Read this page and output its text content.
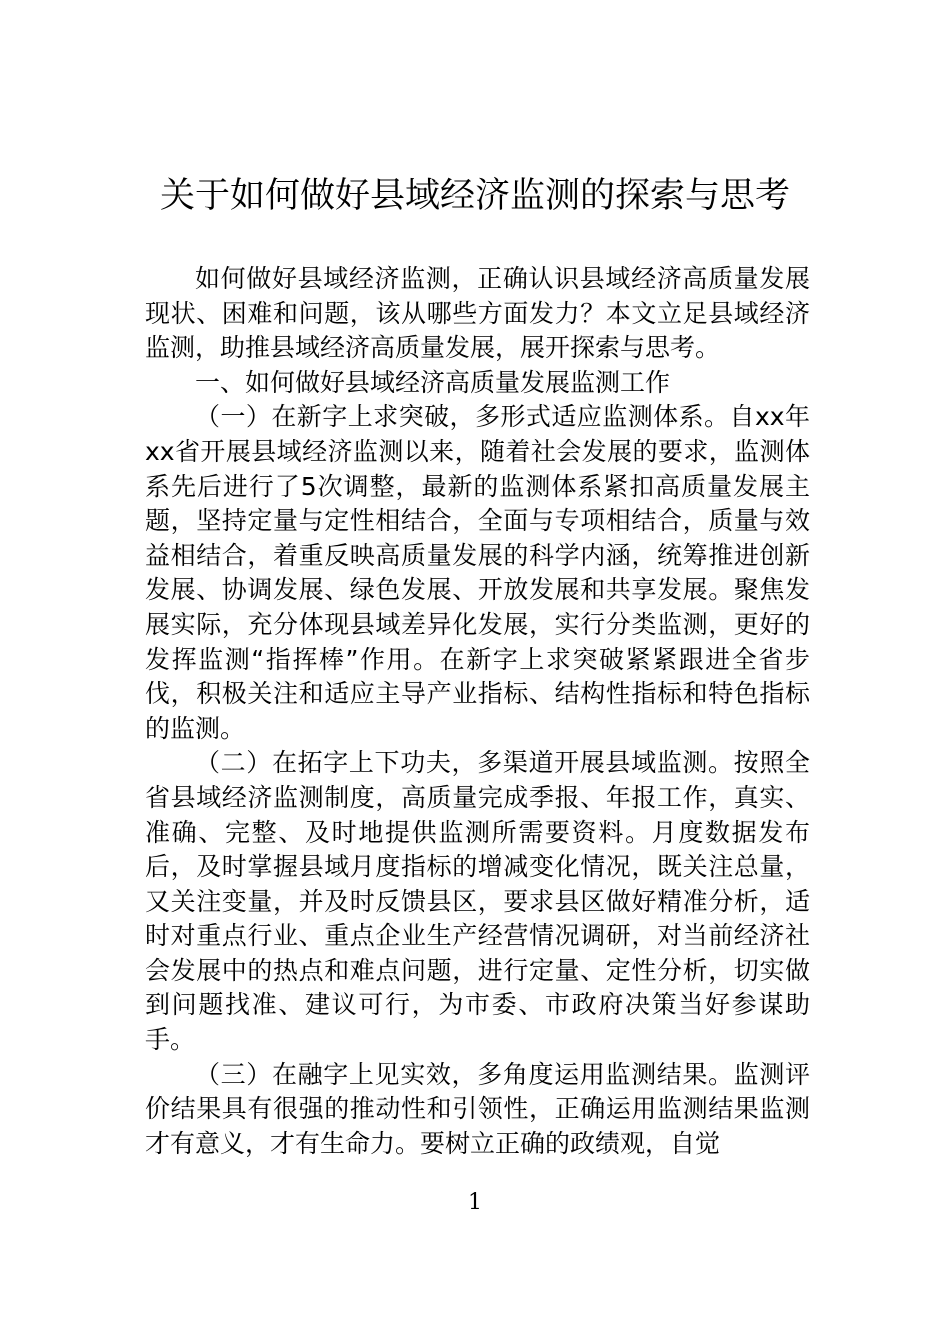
关于如何做好县域经济监测的探索与思考

如何做好县域经济监测，正确认识县域经济高质量发展现状、困难和问题，该从哪些方面发力？本文立足县域经济监测，助推县域经济高质量发展，展开探索与思考。

一、如何做好县域经济高质量发展监测工作

（一）在新字上求突破，多形式适应监测体系。自xx年xx省开展县域经济监测以来，随着社会发展的要求，监测体系先后进行了5次调整，最新的监测体系紧扣高质量发展主题，坚持定量与定性相结合，全面与专项相结合，质量与效益相结合，着重反映高质量发展的科学内涵，统筹推进创新发展、协调发展、绿色发展、开放发展和共享发展。聚焦发展实际，充分体现县域差异化发展，实行分类监测，更好的发挥监测“指挥棒”作用。在新字上求突破紧紧跟进全省步伐，积极关注和适应主导产业指标、结构性指标和特色指标的监测。

（二）在拓字上下功夫，多渠道开展县域监测。按照全省县域经济监测制度，高质量完成季报、年报工作，真实、准确、完整、及时地提供监测所需要资料。月度数据发布后，及时掌握县域月度指标的增减变化情况，既关注总量，又关注变量，并及时反馈县区，要求县区做好精准分析，适时对重点行业、重点企业生产经营情况调研，对当前经济社会发展中的热点和难点问题，进行定量、定性分析，切实做到问题找准、建议可行，为市委、市政府决策当好参谋助手。

（三）在融字上见实效，多角度运用监测结果。监测评价结果具有很强的推动性和引领性，正确运用监测结果监测才有意义，才有生命力。要树立正确的政绩观，自觉

1
